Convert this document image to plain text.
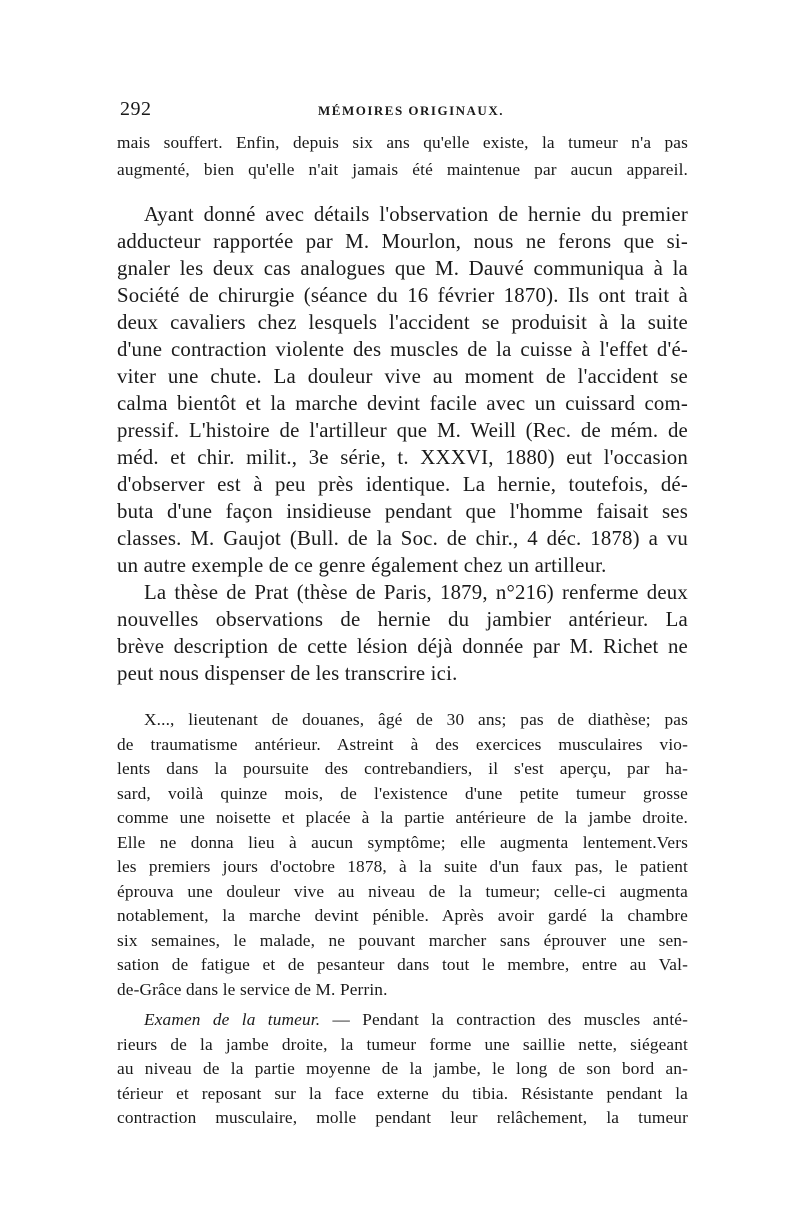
292	MÉMOIRES ORIGINAUX.
mais souffert. Enfin, depuis six ans qu'elle existe, la tumeur n'a pas
augmenté, bien qu'elle n'ait jamais été maintenue par aucun appareil.
Ayant donné avec détails l'observation de hernie du premier
adducteur rapportée par M. Mourlon, nous ne ferons que si-
gnaler les deux cas analogues que M. Dauvé communiqua à la
Société de chirurgie (séance du 16 février 1870). Ils ont trait à
deux cavaliers chez lesquels l'accident se produisit à la suite
d'une contraction violente des muscles de la cuisse à l'effet d'é-
viter une chute. La douleur vive au moment de l'accident se
calma bientôt et la marche devint facile avec un cuissard com-
pressif. L'histoire de l'artilleur que M. Weill (Rec. de mém. de
méd. et chir. milit., 3e série, t. XXXVI, 1880) eut l'occasion
d'observer est à peu près identique. La hernie, toutefois, dé-
buta d'une façon insidieuse pendant que l'homme faisait ses
classes. M. Gaujot (Bull. de la Soc. de chir., 4 déc. 1878) a vu
un autre exemple de ce genre également chez un artilleur.
La thèse de Prat (thèse de Paris, 1879, n°216) renferme deux
nouvelles observations de hernie du jambier antérieur. La
brève description de cette lésion déjà donnée par M. Richet ne
peut nous dispenser de les transcrire ici.
X..., lieutenant de douanes, âgé de 30 ans; pas de diathèse; pas
de traumatisme antérieur. Astreint à des exercices musculaires vio-
lents dans la poursuite des contrebandiers, il s'est aperçu, par ha-
sard, voilà quinze mois, de l'existence d'une petite tumeur grosse
comme une noisette et placée à la partie antérieure de la jambe droite.
Elle ne donna lieu à aucun symptôme; elle augmenta lentement.Vers
les premiers jours d'octobre 1878, à la suite d'un faux pas, le patient
éprouva une douleur vive au niveau de la tumeur; celle-ci augmenta
notablement, la marche devint pénible. Après avoir gardé la chambre
six semaines, le malade, ne pouvant marcher sans éprouver une sen-
sation de fatigue et de pesanteur dans tout le membre, entre au Val-
de-Grâce dans le service de M. Perrin.
Examen de la tumeur. — Pendant la contraction des muscles anté-
rieurs de la jambe droite, la tumeur forme une saillie nette, siégeant
au niveau de la partie moyenne de la jambe, le long de son bord an-
térieur et reposant sur la face externe du tibia. Résistante pendant la
contraction musculaire, molle pendant leur relâchement, la tumeur
